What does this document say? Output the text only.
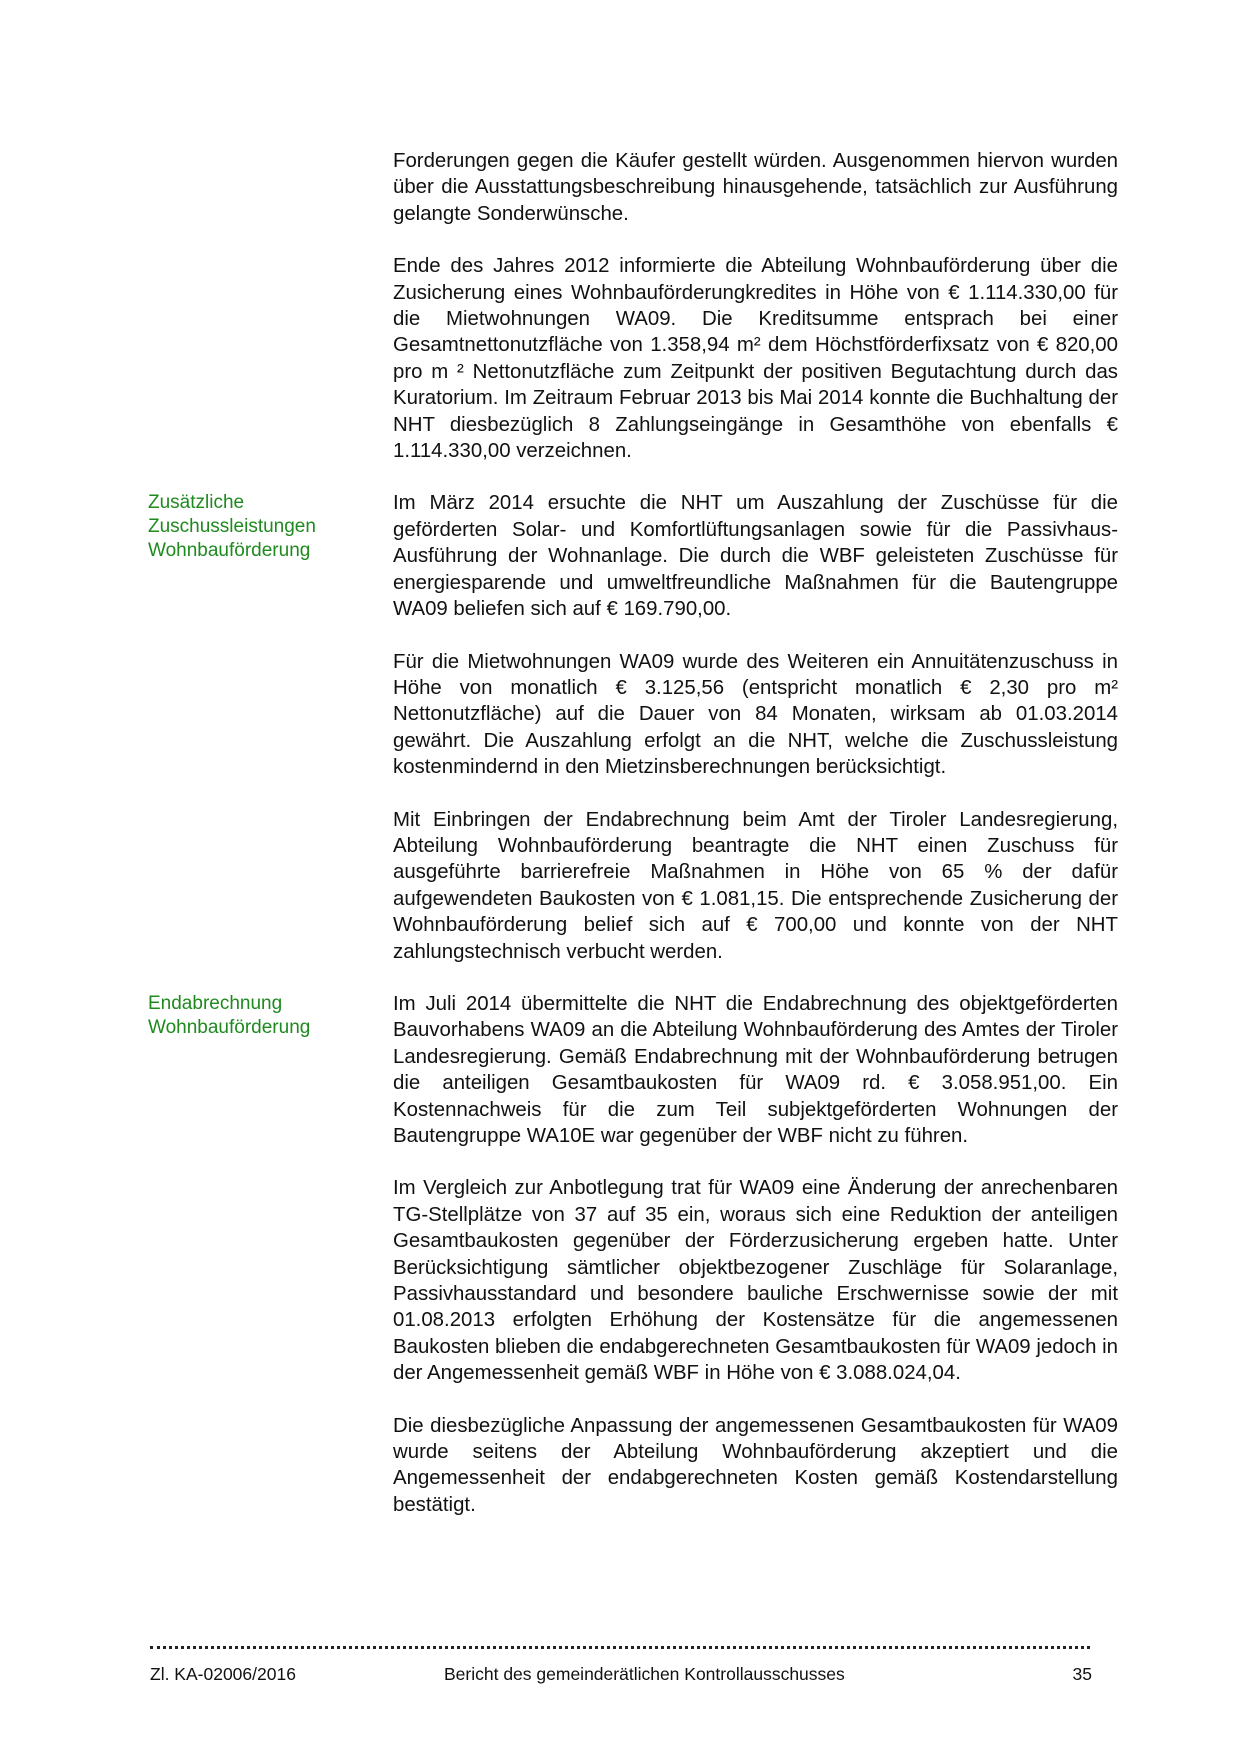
Forderungen gegen die Käufer gestellt würden. Ausgenommen hiervon wurden über die Ausstattungsbeschreibung hinausgehende, tatsächlich zur Ausführung gelangte Sonderwünsche.
Ende des Jahres 2012 informierte die Abteilung Wohnbauförderung über die Zusicherung eines Wohnbauförderungkredites in Höhe von € 1.114.330,00 für die Mietwohnungen WA09. Die Kreditsumme entsprach bei einer Gesamtnettonutzfläche von 1.358,94 m² dem Höchstförderfixsatz von € 820,00 pro m ² Nettonutzfläche zum Zeitpunkt der positiven Begutachtung durch das Kuratorium. Im Zeitraum Februar 2013 bis Mai 2014 konnte die Buchhaltung der NHT diesbezüglich 8 Zahlungseingänge in Gesamthöhe von ebenfalls € 1.114.330,00 verzeichnen.
Zusätzliche
Zuschussleistungen
Wohnbauförderung
Im März 2014 ersuchte die NHT um Auszahlung der Zuschüsse für die geförderten Solar- und Komfortlüftungsanlagen sowie für die Passivhaus-Ausführung der Wohnanlage. Die durch die WBF geleisteten Zuschüsse für energiesparende und umweltfreundliche Maßnahmen für die Bautengruppe WA09 beliefen sich auf € 169.790,00.
Für die Mietwohnungen WA09 wurde des Weiteren ein Annuitätenzuschuss in Höhe von monatlich € 3.125,56 (entspricht monatlich € 2,30 pro m² Nettonutzfläche) auf die Dauer von 84 Monaten, wirksam ab 01.03.2014 gewährt. Die Auszahlung erfolgt an die NHT, welche die Zuschussleistung kostenmindernd in den Mietzinsberechnungen berücksichtigt.
Mit Einbringen der Endabrechnung beim Amt der Tiroler Landesregierung, Abteilung Wohnbauförderung beantragte die NHT einen Zuschuss für ausgeführte barrierefreie Maßnahmen in Höhe von 65 % der dafür aufgewendeten Baukosten von € 1.081,15. Die entsprechende Zusicherung der Wohnbauförderung belief sich auf € 700,00 und konnte von der NHT zahlungstechnisch verbucht werden.
Endabrechnung
Wohnbauförderung
Im Juli 2014 übermittelte die NHT die Endabrechnung des objektgeförderten Bauvorhabens WA09 an die Abteilung Wohnbauförderung des Amtes der Tiroler Landesregierung. Gemäß Endabrechnung mit der Wohnbauförderung betrugen die anteiligen Gesamtbaukosten für WA09 rd. € 3.058.951,00. Ein Kostennachweis für die zum Teil subjektgeförderten Wohnungen der Bautengruppe WA10E war gegenüber der WBF nicht zu führen.
Im Vergleich zur Anbotlegung trat für WA09 eine Änderung der anrechenbaren TG-Stellplätze von 37 auf 35 ein, woraus sich eine Reduktion der anteiligen Gesamtbaukosten gegenüber der Förderzusicherung ergeben hatte. Unter Berücksichtigung sämtlicher objektbezogener Zuschläge für Solaranlage, Passivhausstandard und besondere bauliche Erschwernisse sowie der mit 01.08.2013 erfolgten Erhöhung der Kostensätze für die angemessenen Baukosten blieben die endabgerechneten Gesamtbaukosten für WA09 jedoch in der Angemessenheit gemäß WBF in Höhe von € 3.088.024,04.
Die diesbezügliche Anpassung der angemessenen Gesamtbaukosten für WA09 wurde seitens der Abteilung Wohnbauförderung akzeptiert und die Angemessenheit der endabgerechneten Kosten gemäß Kostendarstellung bestätigt.
Zl. KA-02006/2016	Bericht des gemeinderätlichen Kontrollausschusses	35
